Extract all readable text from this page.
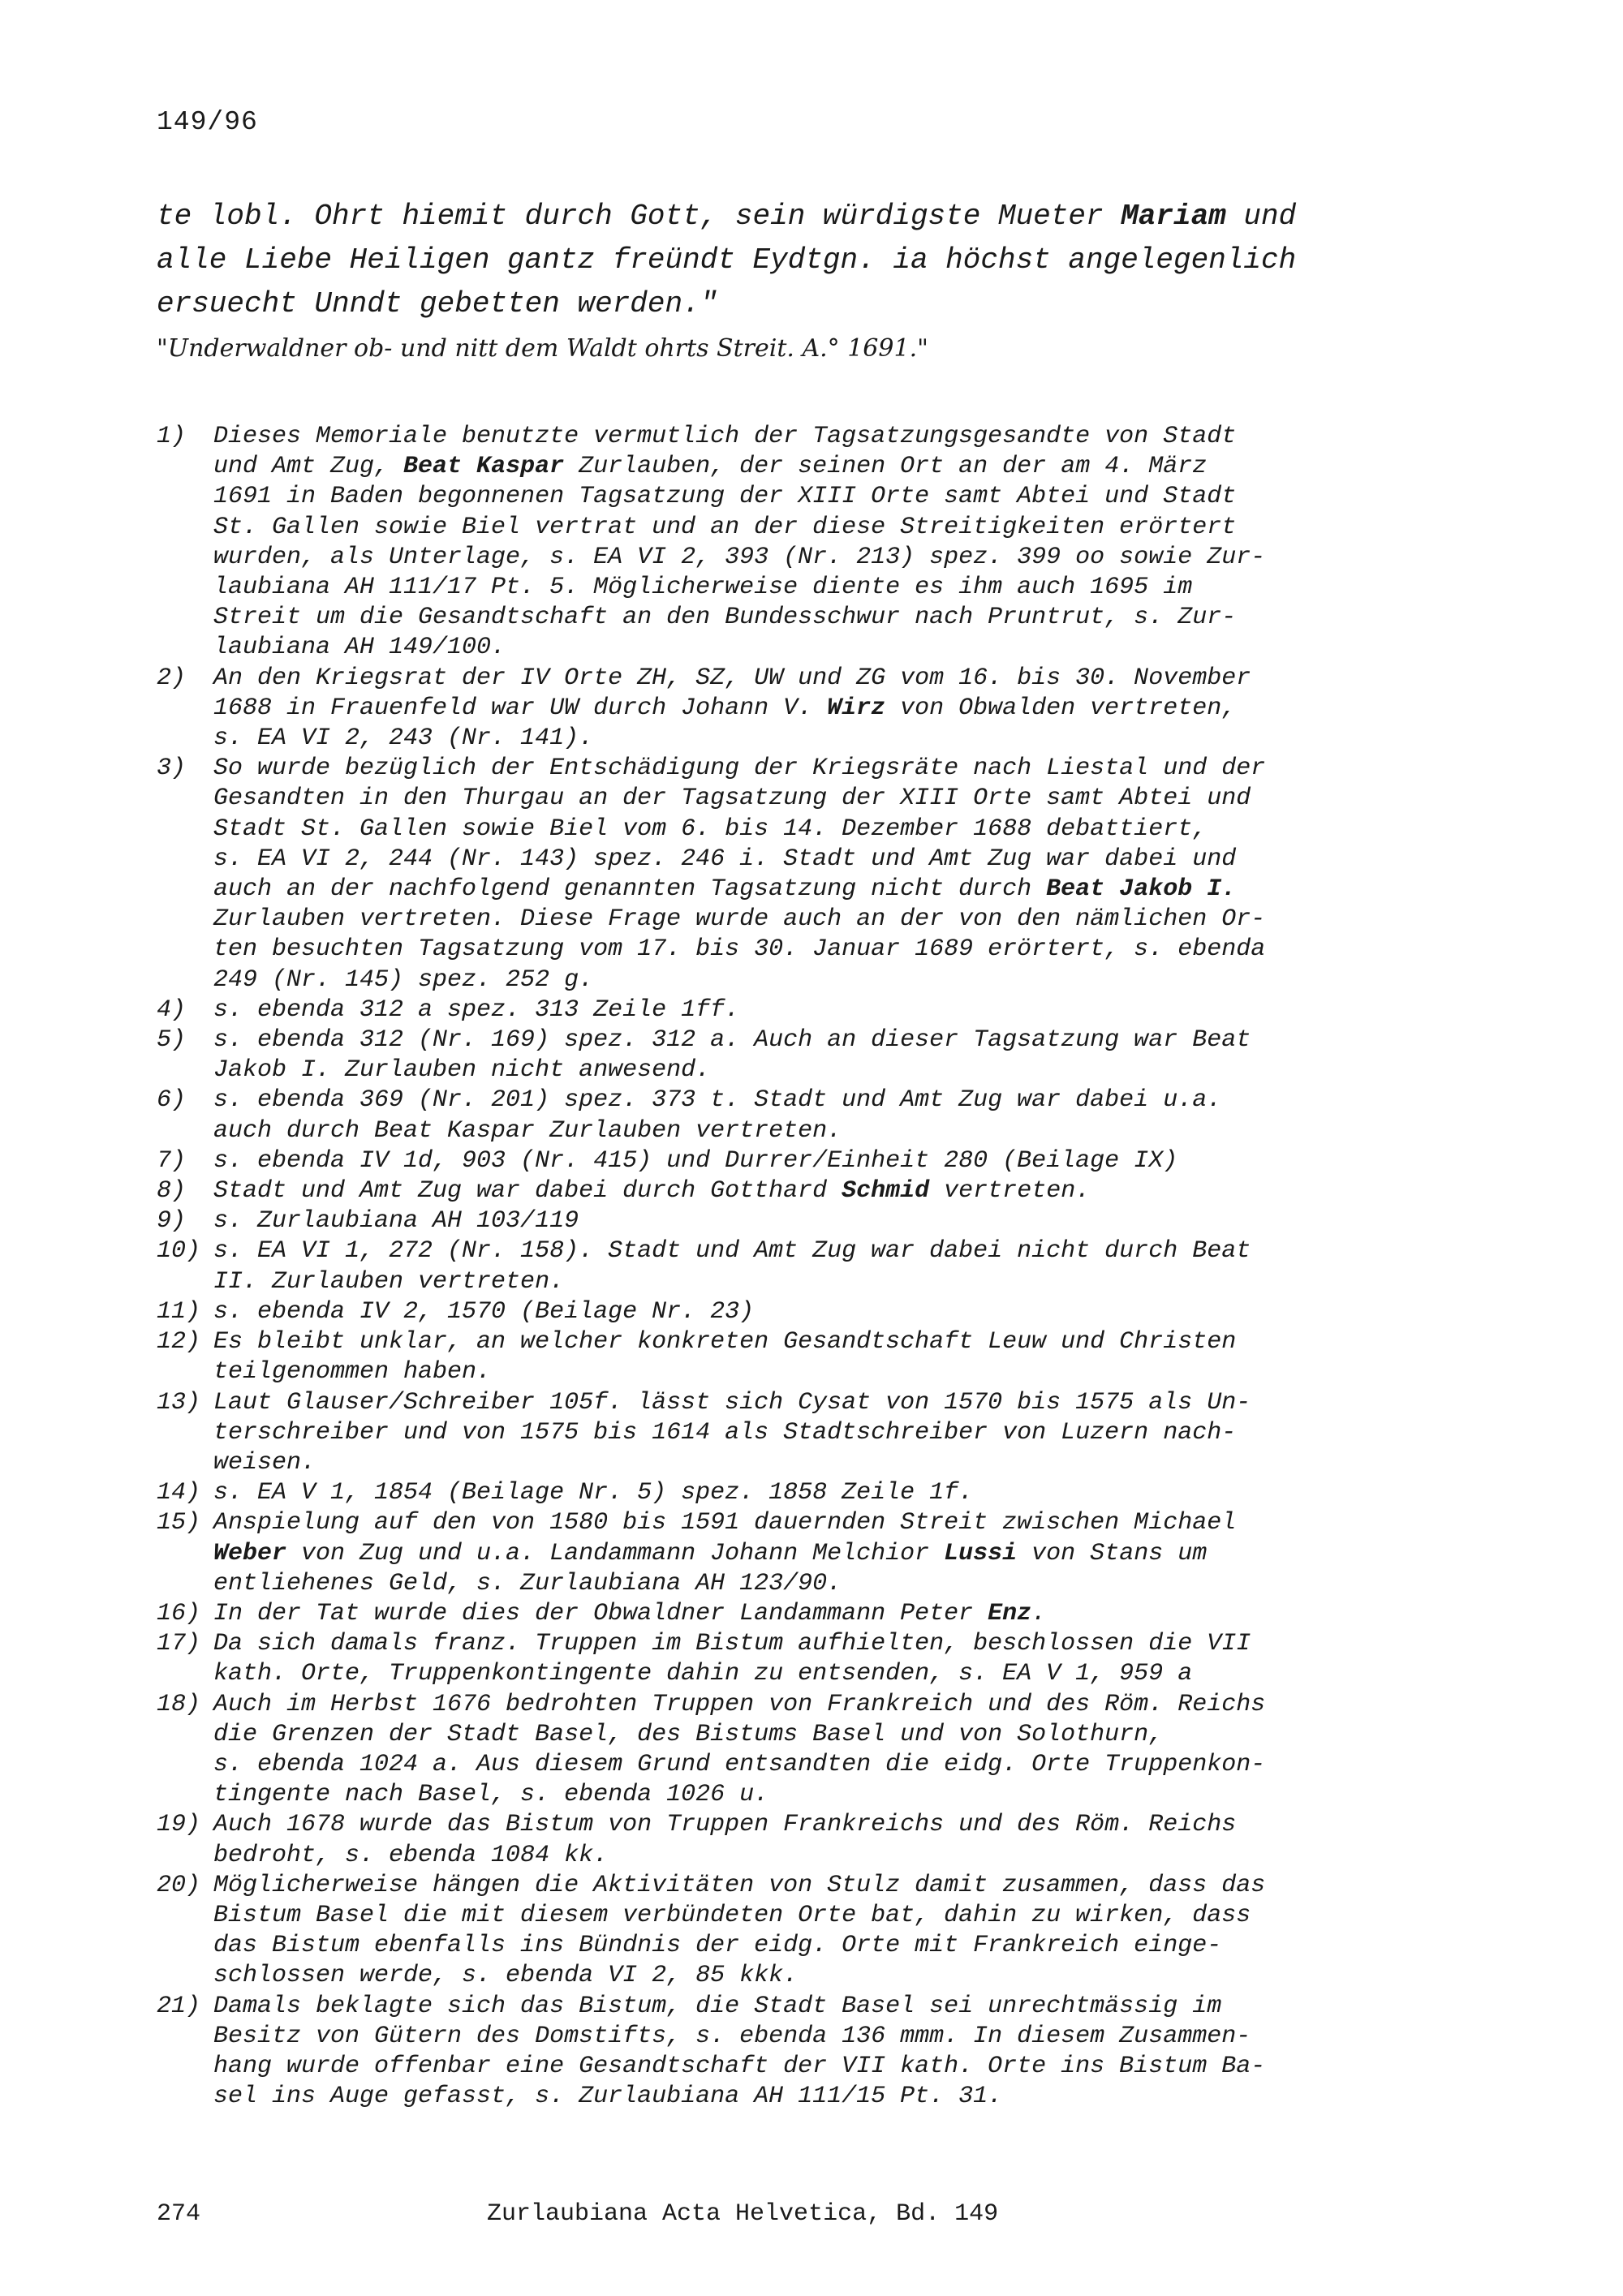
149/96
te lobl. Ohrt hiemit durch Gott, sein würdigste Mueter Mariam und
alle Liebe Heiligen gantz freündt Eydtgn. ia höchst angelegenlich
ersuecht Unndt gebetten werden."
"Underwaldner ob- und nitt dem Waldt ohrts Streit. A.° 1691."
1) Dieses Memoriale benutzte vermutlich der Tagsatzungsgesandte von Stadt
und Amt Zug, Beat Kaspar Zurlauben, der seinen Ort an der am 4. März
1691 in Baden begonnenen Tagsatzung der XIII Orte samt Abtei und Stadt
St. Gallen sowie Biel vertrat und an der diese Streitigkeiten erörtert
wurden, als Unterlage, s. EA VI 2, 393 (Nr. 213) spez. 399 oo sowie Zur-
laubiana AH 111/17 Pt. 5. Möglicherweise diente es ihm auch 1695 im
Streit um die Gesandtschaft an den Bundesschwur nach Pruntrut, s. Zur-
laubiana AH 149/100.
2) An den Kriegsrat der IV Orte ZH, SZ, UW und ZG vom 16. bis 30. November
1688 in Frauenfeld war UW durch Johann V. Wirz von Obwalden vertreten,
s. EA VI 2, 243 (Nr. 141).
3) So wurde bezüglich der Entschädigung der Kriegsräte nach Liestal und der
Gesandten in den Thurgau an der Tagsatzung der XIII Orte samt Abtei und
Stadt St. Gallen sowie Biel vom 6. bis 14. Dezember 1688 debattiert,
s. EA VI 2, 244 (Nr. 143) spez. 246 i. Stadt und Amt Zug war dabei und
auch an der nachfolgend genannten Tagsatzung nicht durch Beat Jakob I.
Zurlauben vertreten. Diese Frage wurde auch an der von den nämlichen Or-
ten besuchten Tagsatzung vom 17. bis 30. Januar 1689 erörtert, s. ebenda
249 (Nr. 145) spez. 252 g.
4) s. ebenda 312 a spez. 313 Zeile 1ff.
5) s. ebenda 312 (Nr. 169) spez. 312 a. Auch an dieser Tagsatzung war Beat
Jakob I. Zurlauben nicht anwesend.
6) s. ebenda 369 (Nr. 201) spez. 373 t. Stadt und Amt Zug war dabei u.a.
auch durch Beat Kaspar Zurlauben vertreten.
7) s. ebenda IV 1d, 903 (Nr. 415) und Durrer/Einheit 280 (Beilage IX)
8) Stadt und Amt Zug war dabei durch Gotthard Schmid vertreten.
9) s. Zurlaubiana AH 103/119
10) s. EA VI 1, 272 (Nr. 158). Stadt und Amt Zug war dabei nicht durch Beat
II. Zurlauben vertreten.
11) s. ebenda IV 2, 1570 (Beilage Nr. 23)
12) Es bleibt unklar, an welcher konkreten Gesandtschaft Leuw und Christen
teilgenommen haben.
13) Laut Glauser/Schreiber 105f. lässt sich Cysat von 1570 bis 1575 als Un-
terschreiber und von 1575 bis 1614 als Stadtschreiber von Luzern nach-
weisen.
14) s. EA V 1, 1854 (Beilage Nr. 5) spez. 1858 Zeile 1f.
15) Anspielung auf den von 1580 bis 1591 dauernden Streit zwischen Michael
Weber von Zug und u.a. Landammann Johann Melchior Lussi von Stans um
entliehenes Geld, s. Zurlaubiana AH 123/90.
16) In der Tat wurde dies der Obwaldner Landammann Peter Enz.
17) Da sich damals franz. Truppen im Bistum aufhielten, beschlossen die VII
kath. Orte, Truppenkontingente dahin zu entsenden, s. EA V 1, 959 a
18) Auch im Herbst 1676 bedrohten Truppen von Frankreich und des Röm. Reichs
die Grenzen der Stadt Basel, des Bistums Basel und von Solothurn,
s. ebenda 1024 a. Aus diesem Grund entsandten die eidg. Orte Truppenkon-
tingente nach Basel, s. ebenda 1026 u.
19) Auch 1678 wurde das Bistum von Truppen Frankreichs und des Röm. Reichs
bedroht, s. ebenda 1084 kk.
20) Möglicherweise hängen die Aktivitäten von Stulz damit zusammen, dass das
Bistum Basel die mit diesem verbündeten Orte bat, dahin zu wirken, dass
das Bistum ebenfalls ins Bündnis der eidg. Orte mit Frankreich einge-
schlossen werde, s. ebenda VI 2, 85 kkk.
21) Damals beklagte sich das Bistum, die Stadt Basel sei unrechtmässig im
Besitz von Gütern des Domstifts, s. ebenda 136 mmm. In diesem Zusammen-
hang wurde offenbar eine Gesandtschaft der VII kath. Orte ins Bistum Ba-
sel ins Auge gefasst, s. Zurlaubiana AH 111/15 Pt. 31.
274	Zurlaubiana Acta Helvetica, Bd. 149
